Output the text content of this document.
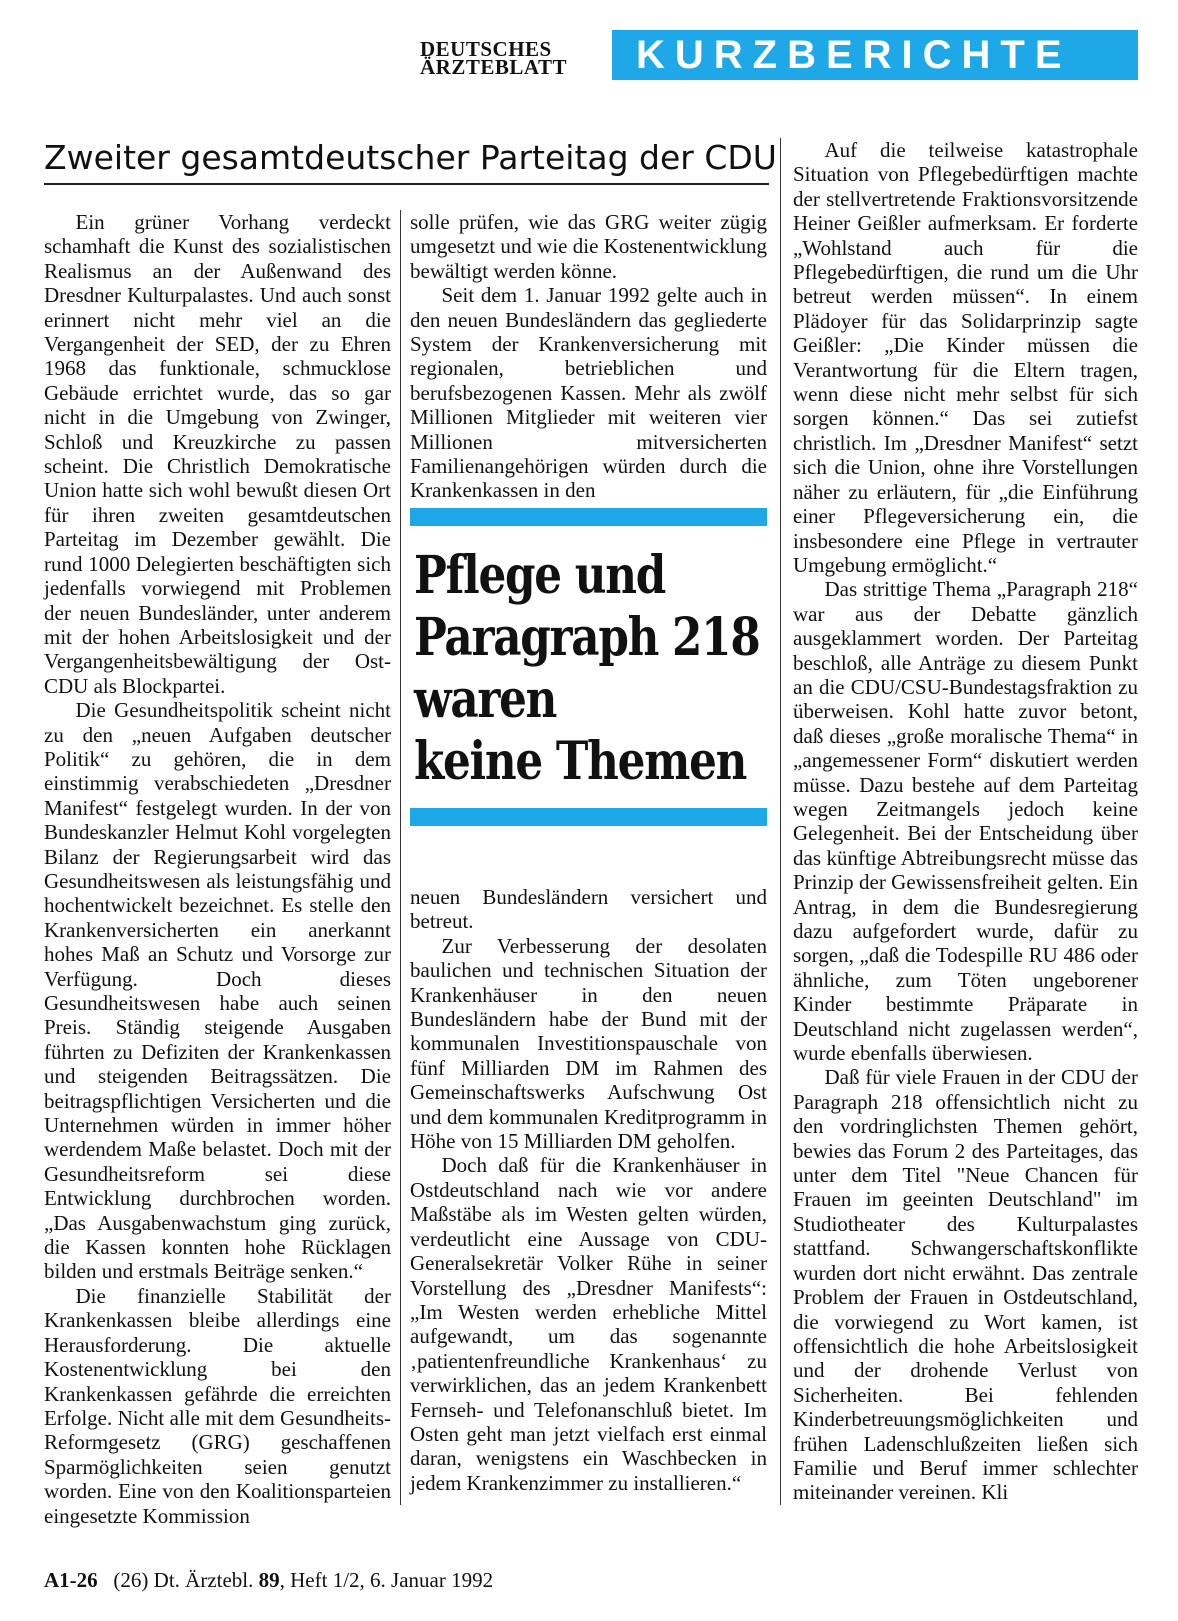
DEUTSCHES
ÄRZTEBLATT	KURZBERICHTE
Zweiter gesamtdeutscher Parteitag der CDU

Ein grüner Vorhang verdeckt schamhaft die Kunst des sozialistischen Realismus an der Außenwand des Dresdner Kulturpalastes. Und auch sonst erinnert nicht mehr viel an die Vergangenheit der SED, der zu Ehren 1968 das funktionale, schmucklose Gebäude errichtet wurde, das so gar nicht in die Umgebung von Zwinger, Schloß und Kreuzkirche zu passen scheint. Die Christlich Demokratische Union hatte sich wohl bewußt diesen Ort für ihren zweiten gesamtdeutschen Parteitag im Dezember gewählt. Die rund 1000 Delegierten beschäftigten sich jedenfalls vorwiegend mit Problemen der neuen Bundesländer, unter anderem mit der hohen Arbeitslosigkeit und der Vergangenheitsbewältigung der Ost-CDU als Blockpartei.

Die Gesundheitspolitik scheint nicht zu den „neuen Aufgaben deutscher Politik“ zu gehören, die in dem einstimmig verabschiedeten „Dresdner Manifest“ festgelegt wurden. In der von Bundeskanzler Helmut Kohl vorgelegten Bilanz der Regierungsarbeit wird das Gesundheitswesen als leistungsfähig und hochentwickelt bezeichnet. Es stelle den Krankenversicherten ein anerkannt hohes Maß an Schutz und Vorsorge zur Verfügung. Doch dieses Gesundheitswesen habe auch seinen Preis. Ständig steigende Ausgaben führten zu Defiziten der Krankenkassen und steigenden Beitragssätzen. Die beitragspflichtigen Versicherten und die Unternehmen würden in immer höher werdendem Maße belastet. Doch mit der Gesundheitsreform sei diese Entwicklung durchbrochen worden. „Das Ausgabenwachstum ging zurück, die Kassen konnten hohe Rücklagen bilden und erstmals Beiträge senken.“

Die finanzielle Stabilität der Krankenkassen bleibe allerdings eine Herausforderung. Die aktuelle Kostenentwicklung bei den Krankenkassen gefährde die erreichten Erfolge. Nicht alle mit dem Gesundheits-Reformgesetz (GRG) geschaffenen Sparmöglichkeiten seien genutzt worden. Eine von den Koalitionsparteien eingesetzte Kommission

solle prüfen, wie das GRG weiter zügig umgesetzt und wie die Kostenentwicklung bewältigt werden könne.

Seit dem 1. Januar 1992 gelte auch in den neuen Bundesländern das gegliederte System der Krankenversicherung mit regionalen, betrieblichen und berufsbezogenen Kassen. Mehr als zwölf Millionen Mitglieder mit weiteren vier Millionen mitversicherten Familienangehörigen würden durch die Krankenkassen in den

Pflege und
Paragraph 218
waren
keine Themen

neuen Bundesländern versichert und betreut.

Zur Verbesserung der desolaten baulichen und technischen Situation der Krankenhäuser in den neuen Bundesländern habe der Bund mit der kommunalen Investitionspauschale von fünf Milliarden DM im Rahmen des Gemeinschaftswerks Aufschwung Ost und dem kommunalen Kreditprogramm in Höhe von 15 Milliarden DM geholfen.

Doch daß für die Krankenhäuser in Ostdeutschland nach wie vor andere Maßstäbe als im Westen gelten würden, verdeutlicht eine Aussage von CDU-Generalsekretär Volker Rühe in seiner Vorstellung des „Dresdner Manifests“: „Im Westen werden erhebliche Mittel aufgewandt, um das sogenannte ‚patientenfreundliche Krankenhaus‘ zu verwirklichen, das an jedem Krankenbett Fernseh- und Telefonanschluß bietet. Im Osten geht man jetzt vielfach erst einmal daran, wenigstens ein Waschbecken in jedem Krankenzimmer zu installieren.“

Auf die teilweise katastrophale Situation von Pflegebedürftigen machte der stellvertretende Fraktionsvorsitzende Heiner Geißler aufmerksam. Er forderte „Wohlstand auch für die Pflegebedürftigen, die rund um die Uhr betreut werden müssen“. In einem Plädoyer für das Solidarprinzip sagte Geißler: „Die Kinder müssen die Verantwortung für die Eltern tragen, wenn diese nicht mehr selbst für sich sorgen können.“ Das sei zutiefst christlich. Im „Dresdner Manifest“ setzt sich die Union, ohne ihre Vorstellungen näher zu erläutern, für „die Einführung einer Pflegeversicherung ein, die insbesondere eine Pflege in vertrauter Umgebung ermöglicht.“

Das strittige Thema „Paragraph 218“ war aus der Debatte gänzlich ausgeklammert worden. Der Parteitag beschloß, alle Anträge zu diesem Punkt an die CDU/CSU-Bundestagsfraktion zu überweisen. Kohl hatte zuvor betont, daß dieses „große moralische Thema“ in „angemessener Form“ diskutiert werden müsse. Dazu bestehe auf dem Parteitag wegen Zeitmangels jedoch keine Gelegenheit. Bei der Entscheidung über das künftige Abtreibungsrecht müsse das Prinzip der Gewissensfreiheit gelten. Ein Antrag, in dem die Bundesregierung dazu aufgefordert wurde, dafür zu sorgen, „daß die Todespille RU 486 oder ähnliche, zum Töten ungeborener Kinder bestimmte Präparate in Deutschland nicht zugelassen werden“, wurde ebenfalls überwiesen.

Daß für viele Frauen in der CDU der Paragraph 218 offensichtlich nicht zu den vordringlichsten Themen gehört, bewies das Forum 2 des Parteitages, das unter dem Titel "Neue Chancen für Frauen im geeinten Deutschland" im Studiotheater des Kulturpalastes stattfand. Schwangerschaftskonflikte wurden dort nicht erwähnt. Das zentrale Problem der Frauen in Ostdeutschland, die vorwiegend zu Wort kamen, ist offensichtlich die hohe Arbeitslosigkeit und der drohende Verlust von Sicherheiten. Bei fehlenden Kinderbetreuungsmöglichkeiten und frühen Ladenschlußzeiten ließen sich Familie und Beruf immer schlechter miteinander vereinen. Kli

A1-26 (26) Dt. Ärztebl. 89, Heft 1/2, 6. Januar 1992
